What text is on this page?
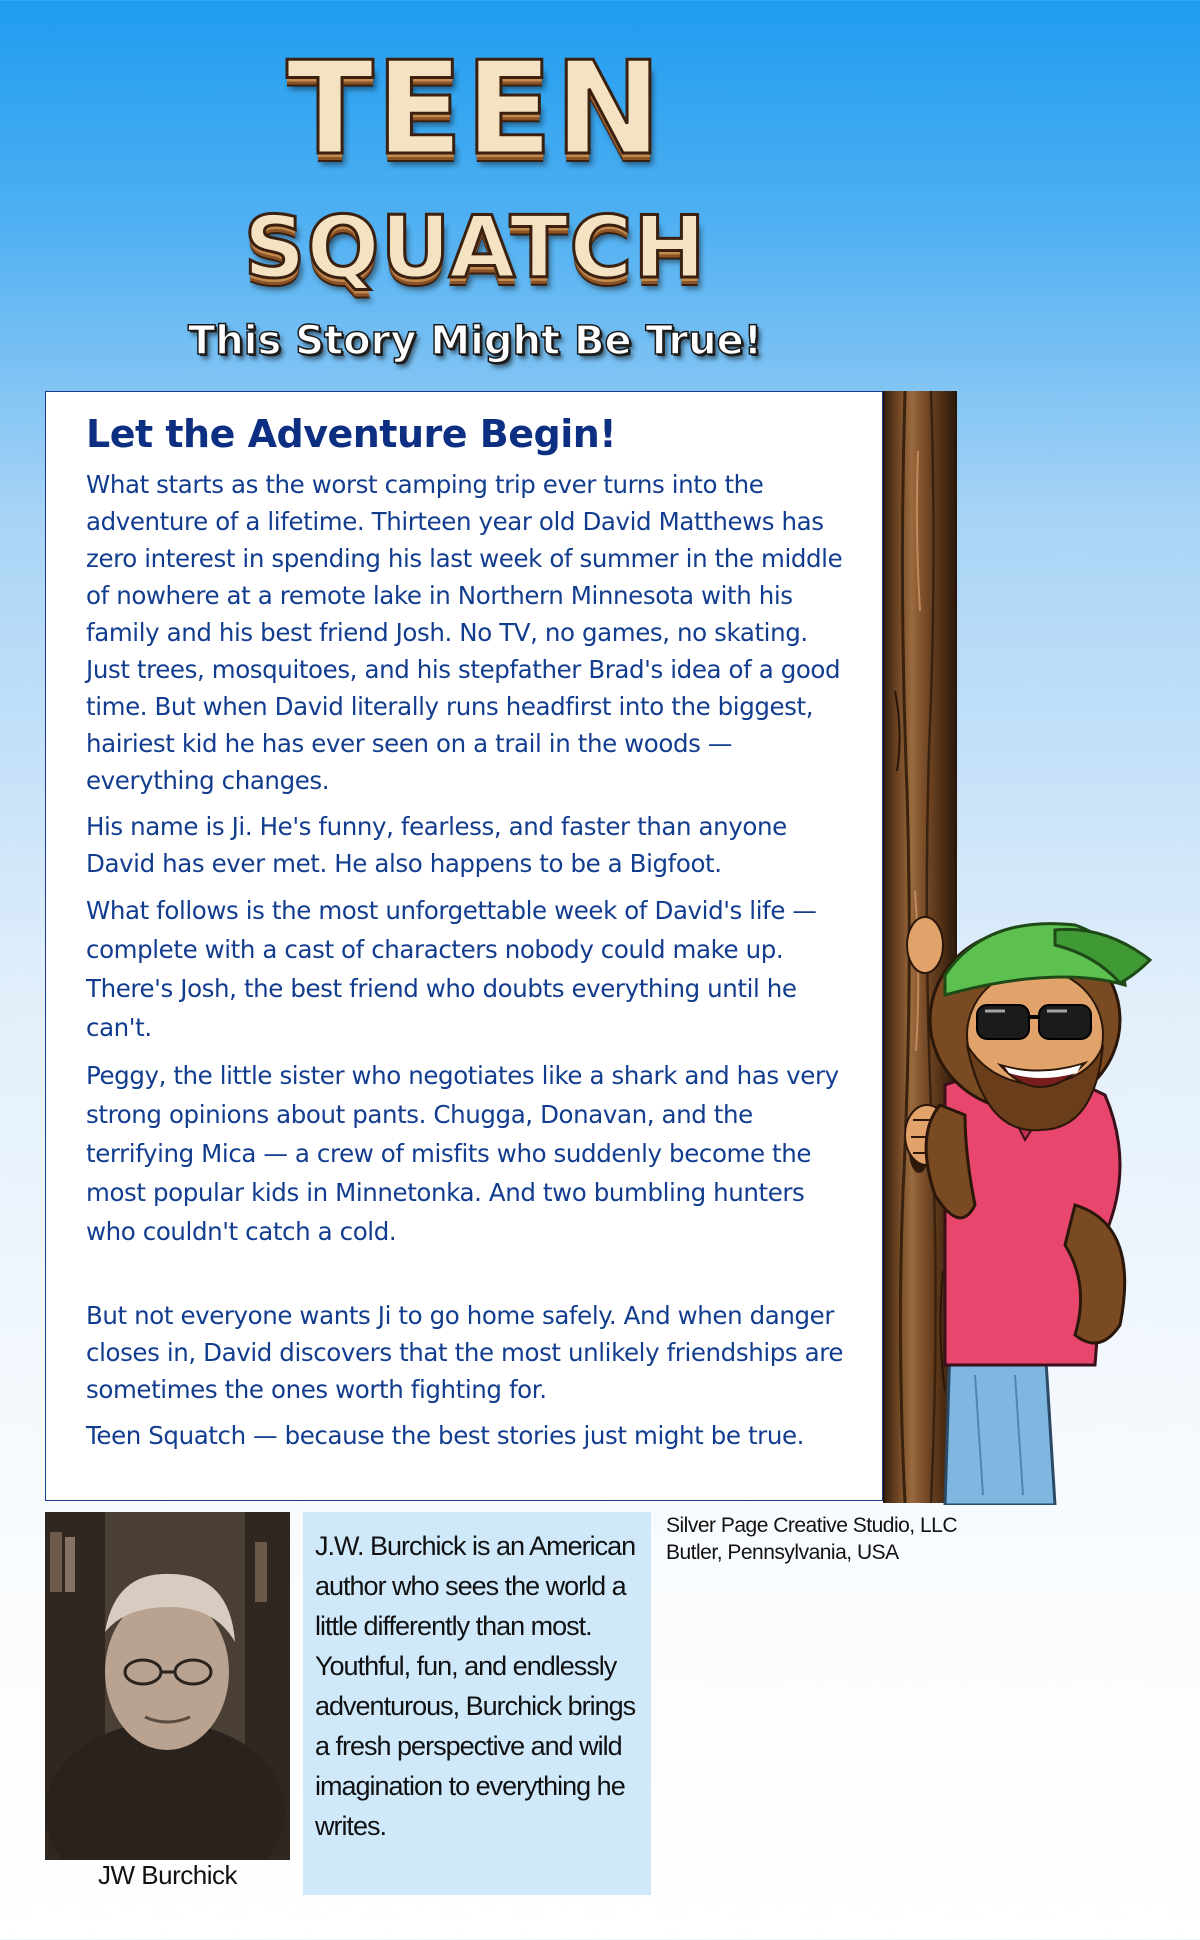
TEEN
SQUATCH
This Story Might Be True!
Let the Adventure Begin!

What starts as the worst camping trip ever turns into the adventure of a lifetime. Thirteen year old David Matthews has zero interest in spending his last week of summer in the middle of nowhere at a remote lake in Northern Minnesota with his family and his best friend Josh. No TV, no games, no skating. Just trees, mosquitoes, and his stepfather Brad's idea of a good time. But when David literally runs headfirst into the biggest, hairiest kid he has ever seen on a trail in the woods — everything changes.

His name is Ji. He's funny, fearless, and faster than anyone David has ever met. He also happens to be a Bigfoot.

What follows is the most unforgettable week of David's life — complete with a cast of characters nobody could make up. There's Josh, the best friend who doubts everything until he can't.

Peggy, the little sister who negotiates like a shark and has very strong opinions about pants. Chugga, Donavan, and the terrifying Mica — a crew of misfits who suddenly become the most popular kids in Minnetonka. And two bumbling hunters who couldn't catch a cold.

But not everyone wants Ji to go home safely. And when danger closes in, David discovers that the most unlikely friendships are sometimes the ones worth fighting for.

Teen Squatch — because the best stories just might be true.

JW Burchick

J.W. Burchick is an American author who sees the world a little differently than most. Youthful, fun, and endlessly adventurous, Burchick brings a fresh perspective and wild imagination to everything he writes.

Silver Page Creative Studio, LLC
Butler, Pennsylvania, USA
